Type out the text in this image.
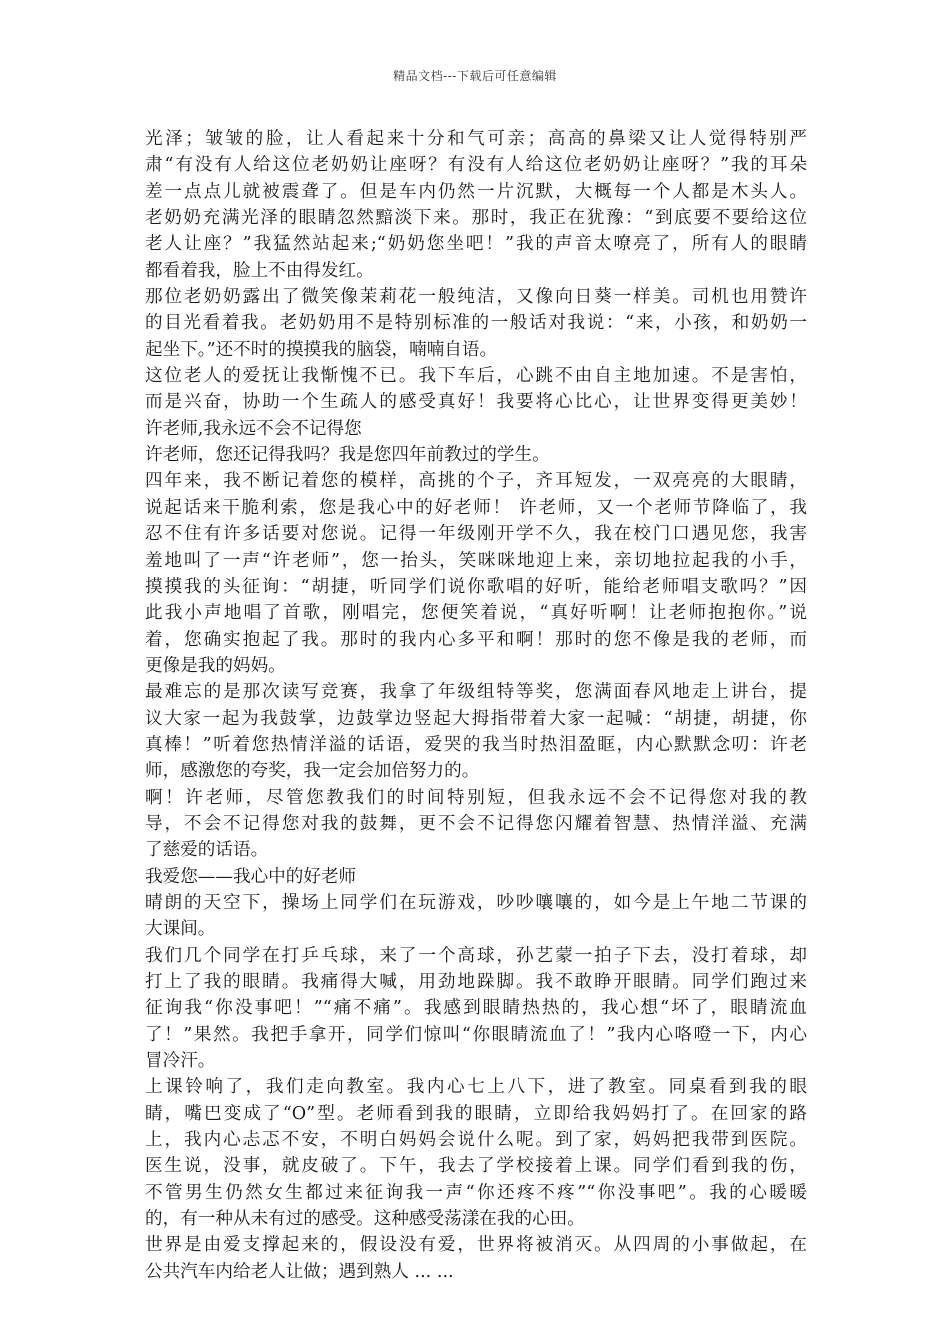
精品文档---下载后可任意编辑
光泽；皱皱的脸，让人看起来十分和气可亲；高高的鼻梁又让人觉得特别严
肃“有没有人给这位老奶奶让座呀？有没有人给这位老奶奶让座呀？”我的耳朵
差一点点儿就被震聋了。但是车内仍然一片沉默，大概每一个人都是木头人。
老奶奶充满光泽的眼睛忽然黯淡下来。那时，我正在犹豫：“到底要不要给这位
老人让座？”我猛然站起来;“奶奶您坐吧！”我的声音太嘹亮了，所有人的眼睛
都看着我，脸上不由得发红。
那位老奶奶露出了微笑像茉莉花一般纯洁，又像向日葵一样美。司机也用赞许
的目光看着我。老奶奶用不是特别标准的一般话对我说：“来，小孩，和奶奶一
起坐下。”还不时的摸摸我的脑袋，喃喃自语。
这位老人的爱抚让我惭愧不已。我下车后，心跳不由自主地加速。不是害怕，
而是兴奋，协助一个生疏人的感受真好！我要将心比心，让世界变得更美妙！
许老师,我永远不会不记得您
许老师，您还记得我吗？我是您四年前教过的学生。
四年来，我不断记着您的模样，高挑的个子，齐耳短发，一双亮亮的大眼睛，
说起话来干脆利索，您是我心中的好老师！ 许老师，又一个老师节降临了，我
忍不住有许多话要对您说。记得一年级刚开学不久，我在校门口遇见您，我害
羞地叫了一声“许老师”，您一抬头，笑咪咪地迎上来，亲切地拉起我的小手，
摸摸我的头征询：“胡捷，听同学们说你歌唱的好听，能给老师唱支歌吗？”因
此我小声地唱了首歌，刚唱完，您便笑着说，“真好听啊！让老师抱抱你。”说
着，您确实抱起了我。那时的我内心多平和啊！那时的您不像是我的老师，而
更像是我的妈妈。
最难忘的是那次读写竞赛，我拿了年级组特等奖，您满面春风地走上讲台，提
议大家一起为我鼓掌，边鼓掌边竖起大拇指带着大家一起喊：“胡捷，胡捷，你
真棒！”听着您热情洋溢的话语，爱哭的我当时热泪盈眶，内心默默念叨：许老
师，感激您的夸奖，我一定会加倍努力的。
啊！许老师，尽管您教我们的时间特别短，但我永远不会不记得您对我的教
导，不会不记得您对我的鼓舞，更不会不记得您闪耀着智慧、热情洋溢、充满
了慈爱的话语。
我爱您——我心中的好老师
晴朗的天空下，操场上同学们在玩游戏，吵吵嚷嚷的，如今是上午地二节课的
大课间。
我们几个同学在打乒乓球，来了一个高球，孙艺蒙一拍子下去，没打着球，却
打上了我的眼睛。我痛得大喊，用劲地跺脚。我不敢睁开眼睛。同学们跑过来
征询我“你没事吧！”“痛不痛”。我感到眼睛热热的，我心想“坏了，眼睛流血
了！”果然。我把手拿开，同学们惊叫“你眼睛流血了！”我内心咯噔一下，内心
冒冷汗。
上课铃响了，我们走向教室。我内心七上八下，进了教室。同桌看到我的眼
睛，嘴巴变成了“O”型。老师看到我的眼睛，立即给我妈妈打了。在回家的路
上，我内心忐忑不安，不明白妈妈会说什么呢。到了家，妈妈把我带到医院。
医生说，没事，就皮破了。下午，我去了学校接着上课。同学们看到我的伤，
不管男生仍然女生都过来征询我一声“你还疼不疼”“你没事吧”。我的心暖暖
的，有一种从未有过的感受。这种感受荡漾在我的心田。
世界是由爱支撑起来的，假设没有爱，世界将被消灭。从四周的小事做起，在
公共汽车内给老人让做；遇到熟人 ... ...
